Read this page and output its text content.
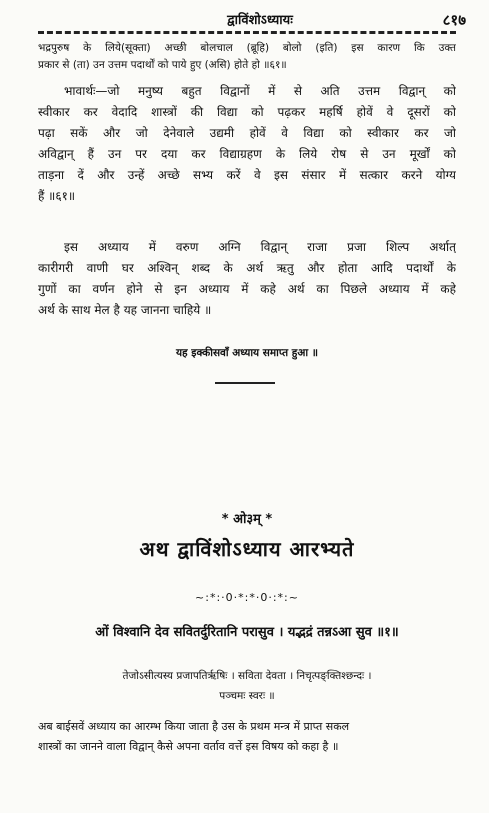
द्वाविंशोऽध्यायः	८१७
भद्रपुरुष के लिये(सूक्ता) अच्छी बोलचाल (ब्रूहि) बोलो (इति) इस कारण कि उक्त
प्रकार से (ता) उन उत्तम पदार्थों को पाये हुए (असि) होते हो ॥६१॥
भावार्थः—जो मनुष्य बहुत विद्वानों में से अति उत्तम विद्वान् को
स्वीकार कर वेदादि शास्त्रों की विद्या को पढ़कर महर्षि होवें वे दूसरों को
पढ़ा सकें और जो देनेवाले उद्यमी होवें वे विद्या को स्वीकार कर जो
अविद्वान् हैं उन पर दया कर विद्याग्रहण के लिये रोष से उन मूर्खों को
ताड़ना दें और उन्हें अच्छे सभ्य करें वे इस संसार में सत्कार करने योग्य
हैं ॥६१॥
इस अध्याय में वरुण अग्नि विद्वान् राजा प्रजा शिल्प अर्थात्
कारीगरी वाणी घर अश्विन् शब्द के अर्थ ऋतु और होता आदि पदार्थों के
गुणों का वर्णन होने से इन अध्याय में कहे अर्थ का पिछले अध्याय में कहे
अर्थ के साथ मेल है यह जानना चाहिये ॥
यह इक्कीसवाँ अध्याय समाप्त हुआ ॥
* ओ३म् *
अथ द्वाविंशोऽध्याय आरभ्यते
~:*:·0·*:*·0·:*:~
ओं विश्वानि देव सवितर्दुरितानि परासुव । यद्भद्रं तन्नऽआ सुव ॥१॥
तेजोऽसीत्यस्य प्रजापतिर्ऋषिः । सविता देवता । निचृत्पङ्क्तिश्छन्दः ।
पञ्चमः स्वरः ॥
अब बाईसवें अध्याय का आरम्भ किया जाता है उस के प्रथम मन्त्र में प्राप्त सकल
शास्त्रों का जानने वाला विद्वान् कैसे अपना वर्ताव वर्त्ते इस विषय को कहा है ॥
